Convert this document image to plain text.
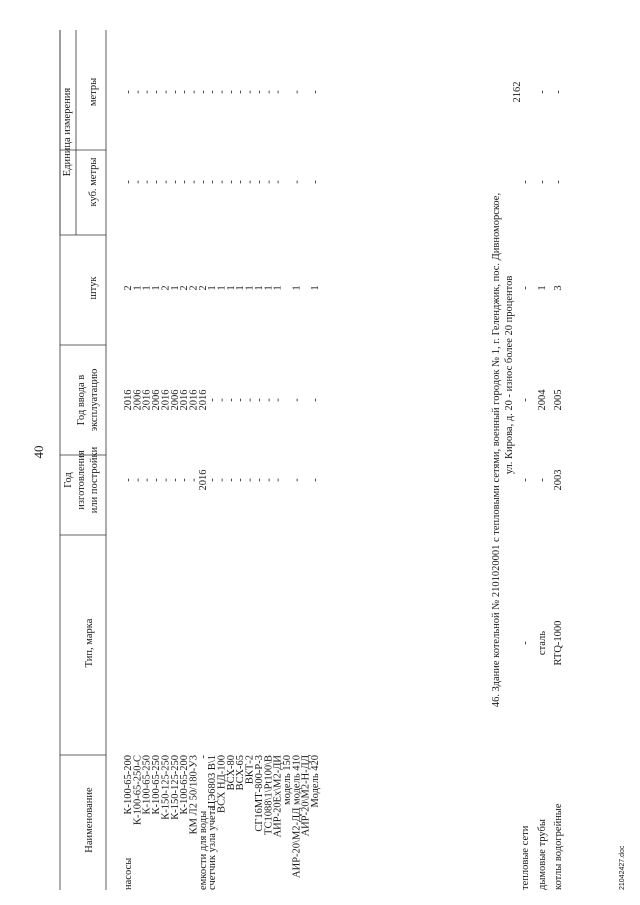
40
Единица измерения метры
куб. метры
штук
Год ввода в эксплуатацию
Год изготовления или постройки
Тип, марка
Наименование
насосы
К-100-65-200
-
2016
2
-
-
К-100-65-250-С
-
2006
1
-
-
К-100-65-250
-
2016
1
-
-
К-100-65-250
-
2006
1
-
-
К-150-125-250
-
2016
2
-
-
К-150-125-250
-
2006
1
-
-
К-100-65-200
-
2016
2
-
-
КМ Л2 50/180-У3
-
2016
2
-
-
емкости для воды
-
2016
2016
2
-
-
счетчик узла учета
ЦЭ6803 В\1
-
-
1
-
-
ВСХ НД-100
-
-
1
-
-
ВСХ-80
-
-
1
-
-
ВСХ-65
-
-
1
-
-
ВКТ-2
-
-
1
-
-
СГ16МТ-800-Р-3
-
-
1
-
-
ТС1088\1\Pt100\В
-
-
1
-
-
АИР-20Ех\М2-ДИ
-
-
1
-
-
модель 150
АИР-20\М2-ДД модель 410
-
-
1
-
-
АИР-20\М2-Н-ДД
Модель 420
-
-
1
-
-
46. Здание котельной № 2101020001 с тепловыми сетями, военный городок № 1, г. Геленджик, пос. Дивноморское, ул. Кирова, д. 20 - износ более 20 процентов
тепловые сети
-
-
-
-
-
2162
дымовые трубы
сталь
-
2004
1
-
-
котлы водогрейные
RTQ-1000
2003
2005
3
-
-
21042427.doc
